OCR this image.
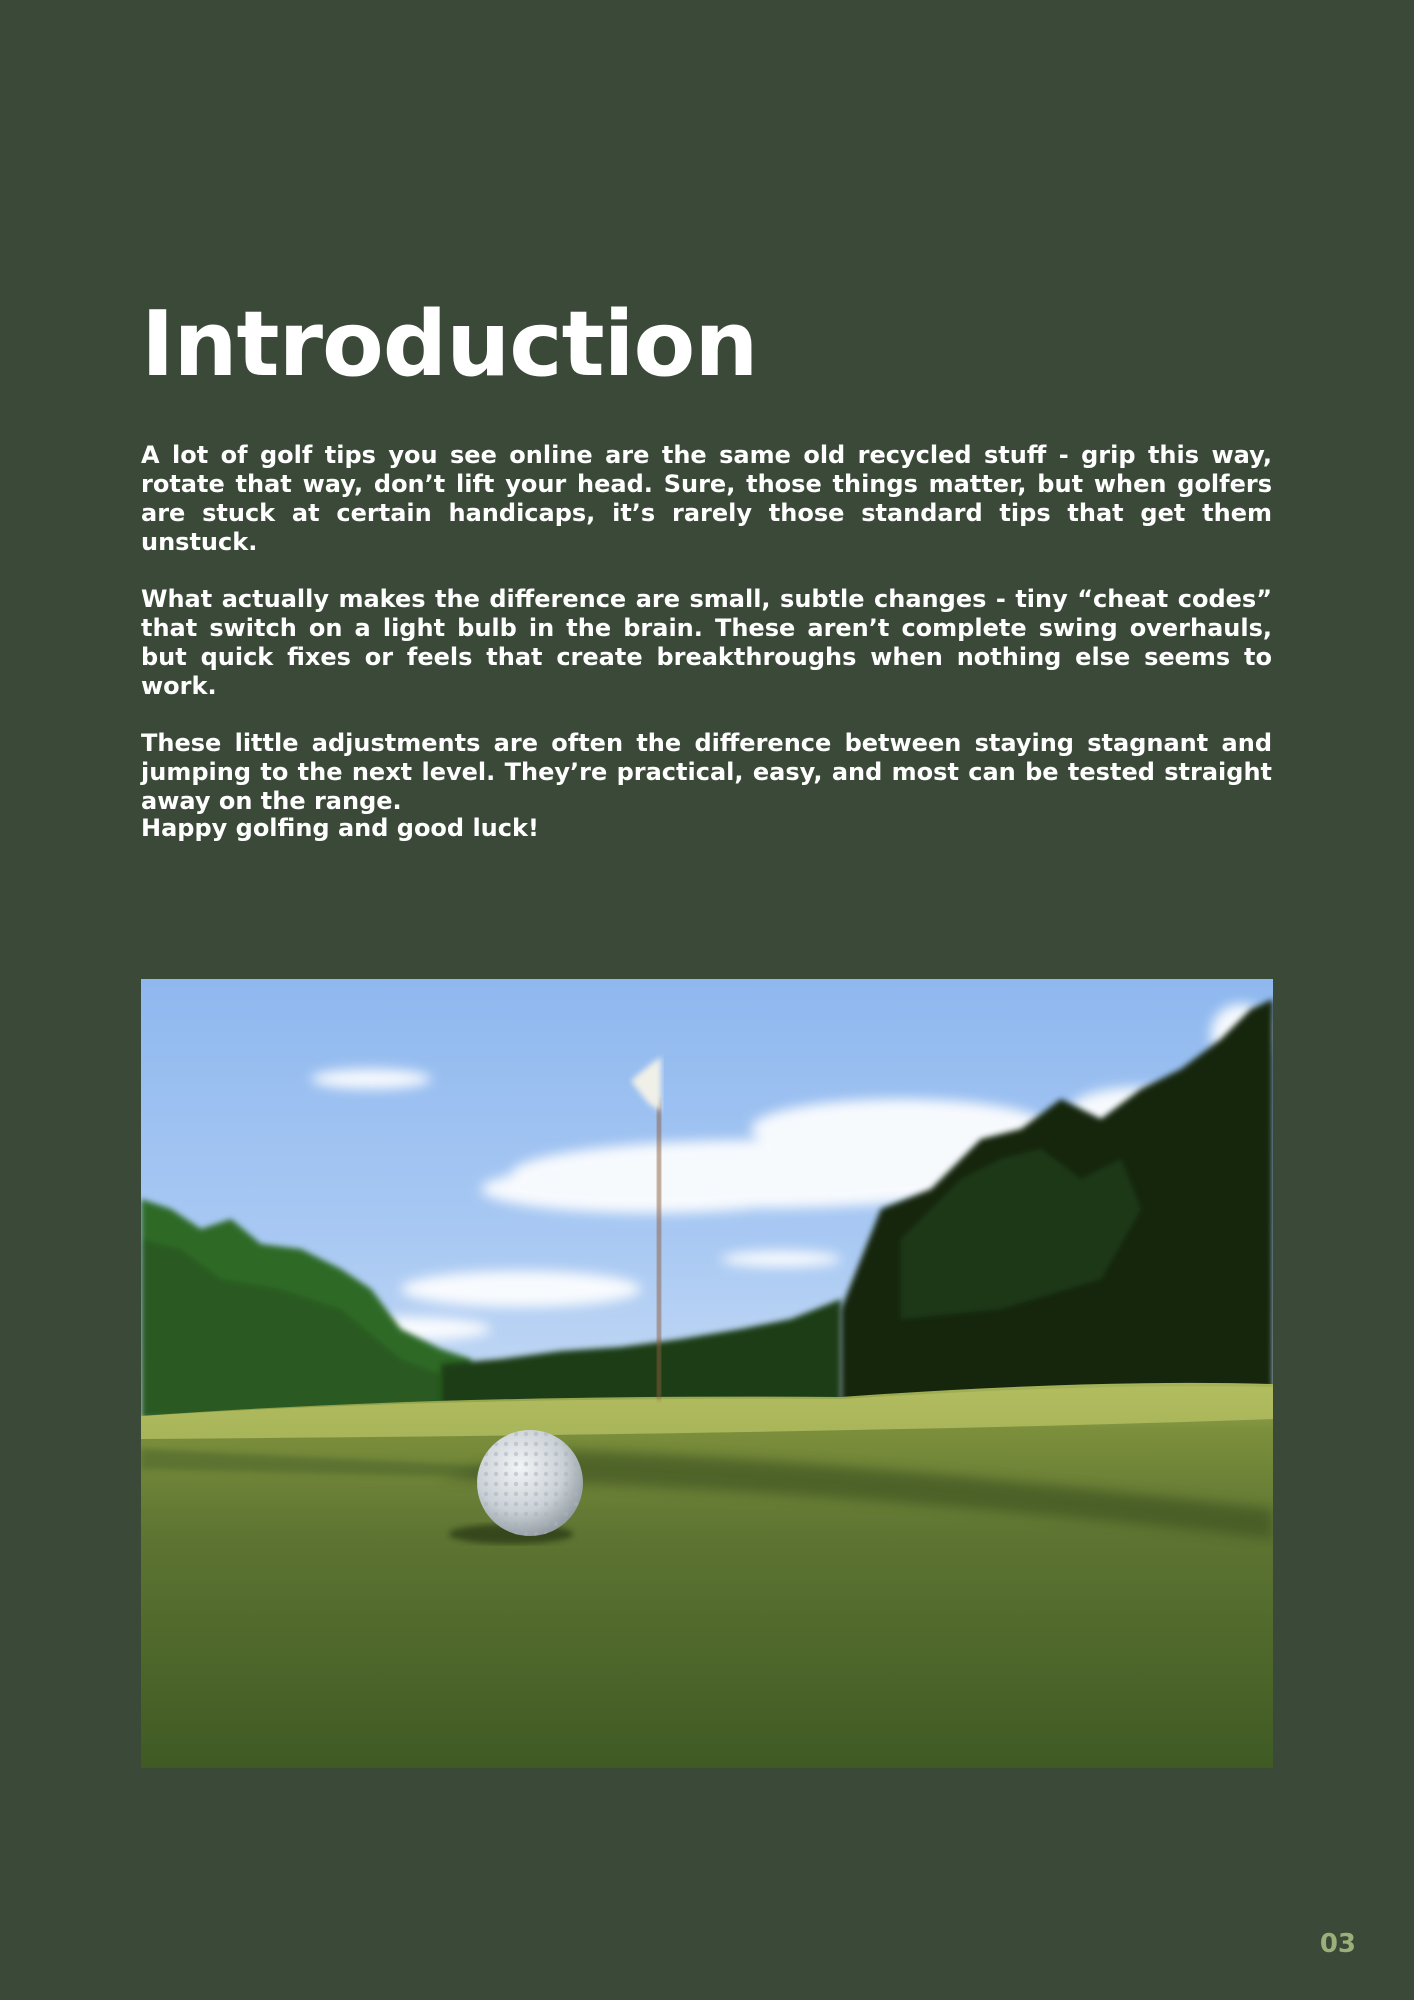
Introduction

A lot of golf tips you see online are the same old recycled stuff - grip this way, rotate that way, don’t lift your head. Sure, those things matter, but when golfers are stuck at certain handicaps, it’s rarely those standard tips that get them unstuck.

What actually makes the difference are small, subtle changes - tiny “cheat codes” that switch on a light bulb in the brain. These aren’t complete swing overhauls, but quick fixes or feels that create breakthroughs when nothing else seems to work.

These little adjustments are often the difference between staying stagnant and jumping to the next level. They’re practical, easy, and most can be tested straight away on the range.

Happy golfing and good luck!

03
